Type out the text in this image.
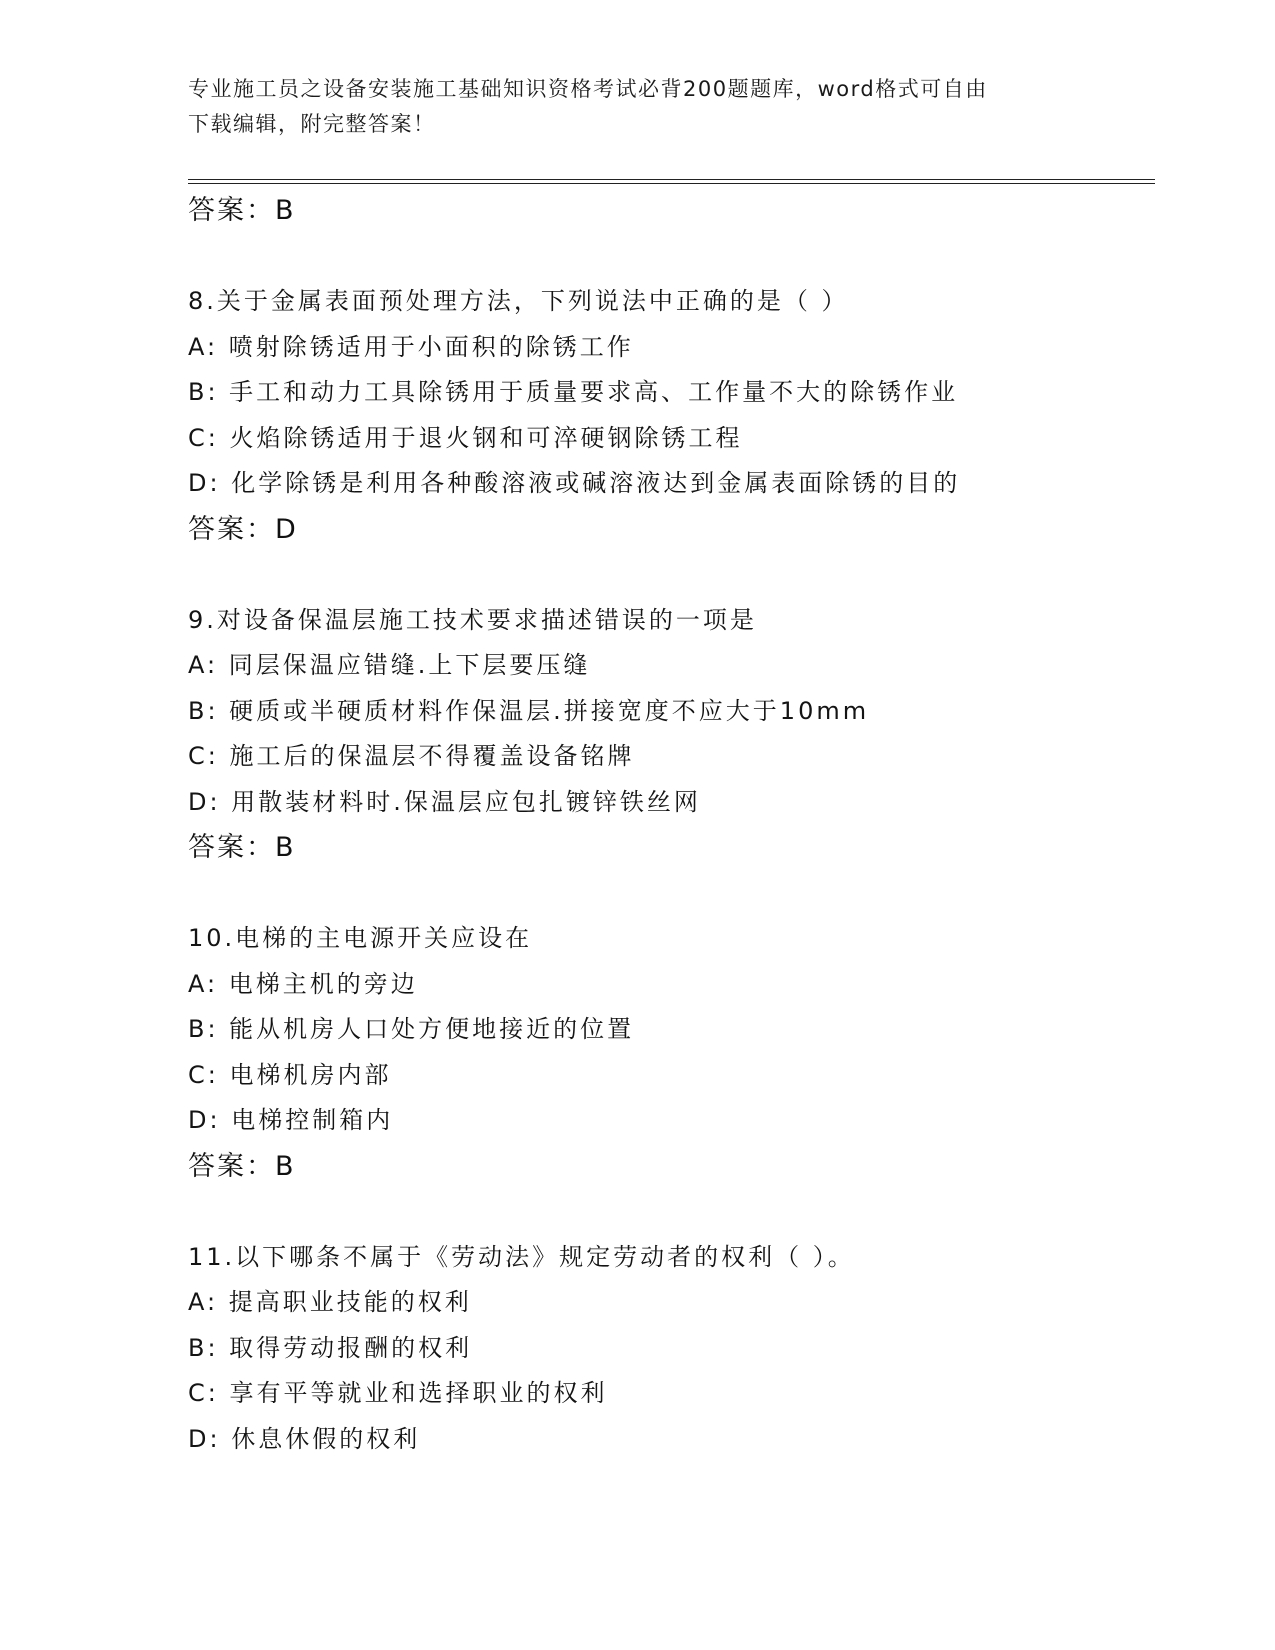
专业施工员之设备安装施工基础知识资格考试必背200题题库，word格式可自由
下载编辑，附完整答案！
答案：B
8.关于金属表面预处理方法，下列说法中正确的是（ ）
A: 喷射除锈适用于小面积的除锈工作
B: 手工和动力工具除锈用于质量要求高、工作量不大的除锈作业
C: 火焰除锈适用于退火钢和可淬硬钢除锈工程
D: 化学除锈是利用各种酸溶液或碱溶液达到金属表面除锈的目的
答案：D
9.对设备保温层施工技术要求描述错误的一项是
A: 同层保温应错缝.上下层要压缝
B: 硬质或半硬质材料作保温层.拼接宽度不应大于10mm
C: 施工后的保温层不得覆盖设备铭牌
D: 用散装材料时.保温层应包扎镀锌铁丝网
答案：B
10.电梯的主电源开关应设在
A: 电梯主机的旁边
B: 能从机房人口处方便地接近的位置
C: 电梯机房内部
D: 电梯控制箱内
答案：B
11.以下哪条不属于《劳动法》规定劳动者的权利（ ）。
A: 提高职业技能的权利
B: 取得劳动报酬的权利
C: 享有平等就业和选择职业的权利
D: 休息休假的权利
